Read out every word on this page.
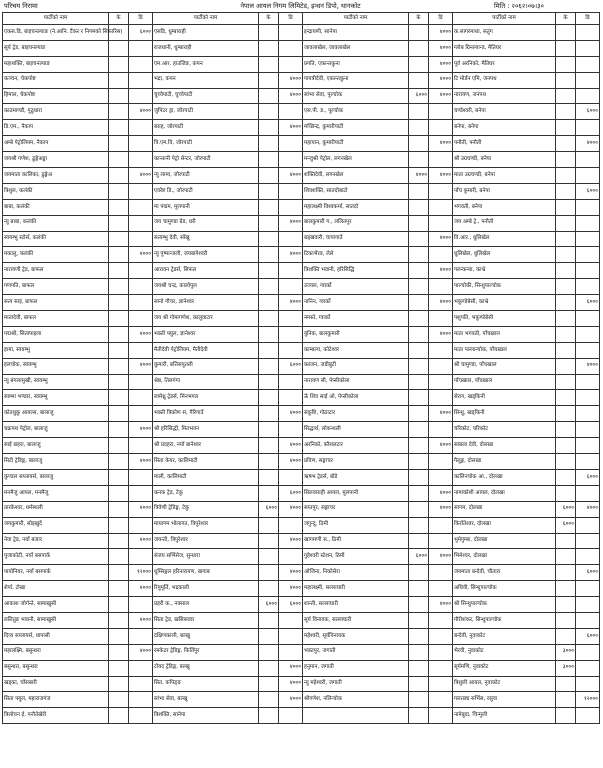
परिचय निरामा	नेपाल आयल निगम लिमिटेड, इन्धन डिपो, थानकोट	मिति : २०६२।०७।३०
पार्टीको नाम	के	डि	पार्टीको नाम	के	डि	पार्टीको नाम	के	डि	पार्टीको नाम	के	डि
एकस.डि, बाइचनल्याङ (ने.आनि. टैंकर र निगमको सिफारिस)		६०००	एसडि, धुम्बाराही			इन्द्रायणी, सानेपा		४०००	क.सागरमाथा, सतुंग		
सूर्य ट्रेड, बाइचनल्याङ			राजधानी, धुम्बाराही			जावलाखेल, जावलाखेल		४०००	ग्लोब ग्रिनल्यान्ड, मैतिघर		
महाशक्ति, बाइचनल्याङ			एम.आर. हाउजिङ, कपन			प्रगति, एकान्तकुना		४०००	पूर्व अरनिको, मैतिघर		
कञ्चन, चेकपोष्ट			भद्रा, कपन		४०००	गायत्रीदेवी, एकान्तकुना		४०००	टि मोर्डन एमि, जनपथ		
हिमाल, चेकपोष्ट			चुच्चेपाटी, चुच्चेपाटी		४०००	सांभा सेवा, पुल्चोक	६०००	४०००	नारायण, जनपथ		
काठमाण्डौ, गुठुधारा		४०००	जुपिटर ड्रा, जोरपाटी			एस.पी. ड., पुल्चोक			चण्डेश्वरी, बनेपा		६०००
डि.एम., नैकाप			बराह, जोरपाटी		४०००	मच्छिन्द्र, कुमारीपाटी			बनेपा, बनेपा		
अम्बे पेट्रोलियम, नैकाप			त्रि.एम.वि, जोरपाटी			महायान, कुमारीपाटी		४०००	पनौती, पनौती		४०००
जयश्री गणेश, ढुङ्गेअड्डा			कान्तानी पेट्रो सेन्टर, जोरपाटी			मन्जुश्री पेट्रोल, लगनखेल			श्री उग्रचण्डी, बनेपा		
जयमाता कालिका, ढुङ्गेअ		४०००	न्यु लामा, जोरपाटी		४०००	शक्तिदेवी, लगनखेल	४०००	४०००	माता उग्रचण्डी, बनेपा		
त्रिशुल, कलंकी			एवरेष्ट डि., जोरपाटी			शिवशक्ति, सातदोबाटो			पाँच कुमारी, बनेपा		६०००
बाबा, कलंकी			मा पद्मम, मूलपानी			महालक्ष्मी विश्वकर्मा, सातदो			भगवती, बनेपा		
न्यु बाबा, कलंकी			जय चामुण्डा ग्रेड, धरी		४०००	बालकुमारी ग., ललितपुर			जय अम्बे ट्रे., पनौती		
स्वयम्भु स्टोर्स, कलंकी			सत्यम्भु देवी, साँखु			बड्खवारी, चापागाउँ		४०००	वि.आर., धुलिखेल		
मकालु, कलंकी		४०००	न्यु पुष्पान्जली, जयबागेश्वरी		४०००	टिकाभैरव, लेले			धुलिखेल, धुलिखेल		
नारायणी ट्रेड, बाफल			आरावन ट्रेडर्स, सिफल			त्रिशक्ति भवानी, हरिसिद्धि		४०००	गलन्कन्या, काभ्रे		
गणपति, बाफल			जयश्री चन्द्र, कालोपुल			उज्वल, ग्वार्को			पाल्चोकी, सिन्धुपाल्चोक		
सत्य साइं, बाफल			सानो गौचर, ज्ञानेश्वर		४०००	नानिन, ग्वार्को		४०००	भकुण्डेबेसी, काभ्रे		६०००
मातादेवी, बाफल			जय श्री गोमागणेश, कालुवाटार			नमस्ते, ग्वार्को			पशुपति, भकुण्डेबेसी		
पद्मश्री, सितापाइला		४०००	भक्ती फ्युल, ज्ञानेश्वर			युनिक, बालकुमारी		४०००	माता भगवती, पाँचखाल		
हामा, स्वयम्भु			मैतीदेवी पेट्रोलियम, मैतीदेवी			काम्बल्य, कोटेश्वर			माता पल्लान्चोक, पाँचखाल		
हलचोक, स्वयम्भु		४०००	कुमारी, बत्तिसपुतली		६०००	कब्जन, जडीबुटी			श्री चामुण्डा, पाँचखाल		४०००
न्यु बंगलामुखी, स्वयम्भु			श्रेष्ठ, तिलगंगा			नारायण सी, पेप्सीकोला			पाँचखाल, पाँचखाल		
साम्भा भण्डार, स्वयम्भु			लामेथ्रु ट्रेडर्स, मिनभगल			ऊँ शिव साई ओ, पेप्सीकोला			सेराग, खड्किनी		
कोतधुकु आयल्स, बालाजु			भक्ती त्रिकोण स, गैरिगाउँ		४०००	संकुष्टि, गोठाटार		४०००	सिन्धु, खड्किनी		
चक्रपथ पेट्रोल, बालाजु		४०००	श्री हरिसिद्धी, मितभवन			सिद्धार्थ, लोकन्थली			चरिकोट, चरिकोट		
साई छहरा, बालाजु			श्री प्रदहरा, नयाँ बानेश्वर		४०००	अरनिको, कौशलटार		४०००	साबला देवी, दोलखा		
सिटी ट्रेडिङ्ग, बालाजु		४०००	सिता केयर, कालिमाटी		४०००	प्रविण, सङ्गाचर			गैलुङ्ग, दोलखा		
कुण्डल सप्लायर्स, बालाजु			माली, कालिमाटी			ऋषभ ट्रेडर्स, बोडे			कालिनचोक आ., दोलखा		६०००
मनमैजु आयल, मनमैजु			कनक ट्रेड, टेकु		६०००	सिलवाराही आयल, मुलपानी		४०००	नामाकोशी आयल, दोलखा		
तारकेश्वर, धर्मस्थली		४०००	त्रिवेणी ट्रेडिङ्ग, टेकु	६०००	४०००	सप्तपुर, सङ्गाचर		४०००	सागम, दोलखा	६०००	४०००
जयकुमारी, सोइखुदें			मायागम भोलागत, त्रिपुरेश्वर			जगुन्दु, ठिमी			किराँतेश्वर, दोलखा	६०००	
नेवा ट्रेड, नयाँ बजार		४०००	जयन्ती, त्रिपुरेश्वर		४०००	खागमणी स., ठिमी			भुमेगुम्बा, दोलखा		
पुजाकोटी, नयाँ बसपार्क			संजय सर्भिसेज, सुन्धारा			गुहेश्वरी स्टेशन, ठिमी	६०००	४०००	भिमेश्वर, दोलखा		
पायोनियर, नयाँ बसपार्क		१२०००	धुम्सिङ्गल हरिनारायण, खगाब		४०००	ओजिना, निकोसेरा			जयमाता बन्देवी, चौतारा		६०००
शेर्पा, टोखा		४०००	रिपुमूर्ति, भद्रकाली		४०००	महालक्ष्मी, सल्लाघारी			अधिवी, सिन्धुपाल्चोक		
आकाश जोर्गन्ते, सामाखुसी			प्रहरी क., नक्साल	६०००	६०००	शान्ती, सल्लाघारी		४०००	श्री सिन्धुपाल्चोक		
ललितुङ भवानी, सामाखुसी		४०००	सिता ट्रेड, खसिबजार			सूर्य विनायक, सल्लाघारी			गौरीशंकर, सिन्धुपाल्चोक		
दिव्य सप्लायर्स, धापासी			दक्षिणकाली, बल्खु			महेश्वरी, सूर्यविनायक			बन्देवी, नुवाकोट		६०००
महालक्ष्मि, बसुन्धरा		४०००	रमकेटर ट्रेडिङ्ग, किर्तिपुर			भक्तपुर, जगाती			भैरवी, नुवाकोट	३०००	
बसुन्धरा, बसुन्धरा			टोयद ट्रेडिङ्ग, बल्खु		४०००	हनुमान, जगाती			सूर्यमणि, नुवाकोट	३०००	
खड्का, चाँसबारी			सित. कपिङ्ङ		४०००	न्यु महेश्वरी, जगाती			त्रिशुली आयल, नुवाकोट		
सिता फ्युल, महाराजगंज			सांभा सेवा, बल्खु		४०००	श्रीगणेश, नलिन्चोक			गलत्छ्य सर्भिस, रसुवा		१२०००
त्रिलोचन ई, पनौतेखेरी			त्रिशक्ति, सानेपा						नामेबुदा, चिन्मुली		
